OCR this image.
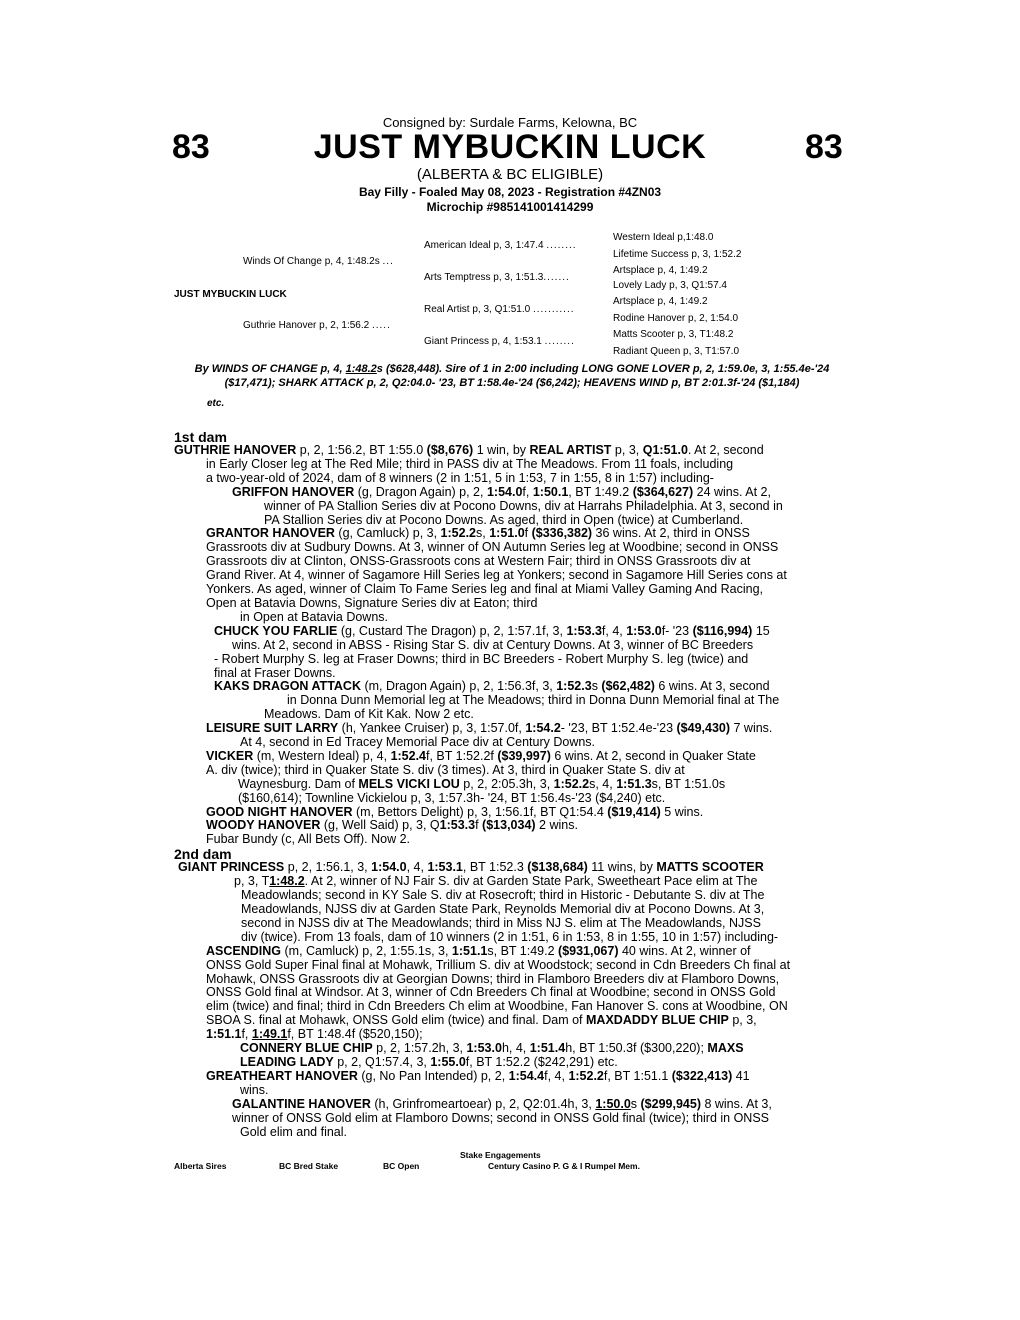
Consigned by: Surdale Farms, Kelowna, BC
83	JUST MYBUCKIN LUCK	83
(ALBERTA & BC ELIGIBLE)
Bay Filly - Foaled May 08, 2023 - Registration #4ZN03
Microchip #985141001414299
JUST MYBUCKIN LUCK
Winds Of Change p, 4, 1:48.2s ...
Guthrie Hanover p, 2, 1:56.2 .....
American Ideal p, 3, 1:47.4 ........
Arts Temptress p, 3, 1:51.3.......
Real Artist p, 3, Q1:51.0 ...........
Giant Princess p, 4, 1:53.1 ........
Western Ideal p,1:48.0
Lifetime Success p, 3, 1:52.2
Artsplace p, 4, 1:49.2
Lovely Lady p, 3, Q1:57.4
Artsplace p, 4, 1:49.2
Rodine Hanover p, 2, 1:54.0
Matts Scooter p, 3, T1:48.2
Radiant Queen p, 3, T1:57.0
By WINDS OF CHANGE p, 4, 1:48.2s ($628,448). Sire of 1 in 2:00 including LONG GONE LOVER p, 2, 1:59.0e, 3, 1:55.4e-'24 ($17,471); SHARK ATTACK p, 2, Q2:04.0- '23, BT 1:58.4e-'24 ($6,242); HEAVENS WIND p, BT 2:01.3f-'24 ($1,184)
etc.
1st dam
GUTHRIE HANOVER p, 2, 1:56.2, BT 1:55.0 ($8,676) 1 win, by REAL ARTIST p, 3, Q1:51.0. At 2, second
in Early Closer leg at The Red Mile; third in PASS div at The Meadows. From 11 foals, including
a two-year-old of 2024, dam of 8 winners (2 in 1:51, 5 in 1:53, 7 in 1:55, 8 in 1:57) including-
GRIFFON HANOVER (g, Dragon Again) p, 2, 1:54.0f, 1:50.1, BT 1:49.2 ($364,627) 24 wins. At 2,
winner of PA Stallion Series div at Pocono Downs, div at Harrahs Philadelphia. At 3, second in
PA Stallion Series div at Pocono Downs. As aged, third in Open (twice) at Cumberland.
GRANTOR HANOVER (g, Camluck) p, 3, 1:52.2s, 1:51.0f ($336,382) 36 wins. At 2, third in ONSS
Grassroots div at Sudbury Downs. At 3, winner of ON Autumn Series leg at Woodbine; second in ONSS
Grassroots div at Clinton, ONSS-Grassroots cons at Western Fair; third in ONSS Grassroots div at
Grand River. At 4, winner of Sagamore Hill Series leg at Yonkers; second in Sagamore Hill Series cons at
Yonkers. As aged, winner of Claim To Fame Series leg and final at Miami Valley Gaming And Racing,
Open at Batavia Downs, Signature Series div at Eaton; third
in Open at Batavia Downs.
CHUCK YOU FARLIE (g, Custard The Dragon) p, 2, 1:57.1f, 3, 1:53.3f, 4, 1:53.0f- '23 ($116,994) 15
wins. At 2, second in ABSS - Rising Star S. div at Century Downs. At 3, winner of BC Breeders
- Robert Murphy S. leg at Fraser Downs; third in BC Breeders - Robert Murphy S. leg (twice) and
final at Fraser Downs.
KAKS DRAGON ATTACK (m, Dragon Again) p, 2, 1:56.3f, 3, 1:52.3s ($62,482) 6 wins. At 3, second
in Donna Dunn Memorial leg at The Meadows; third in Donna Dunn Memorial final at The
Meadows. Dam of Kit Kak. Now 2 etc.
LEISURE SUIT LARRY (h, Yankee Cruiser) p, 3, 1:57.0f, 1:54.2- '23, BT 1:52.4e-'23 ($49,430) 7 wins.
At 4, second in Ed Tracey Memorial Pace div at Century Downs.
VICKER (m, Western Ideal) p, 4, 1:52.4f, BT 1:52.2f ($39,997) 6 wins. At 2, second in Quaker State
A. div (twice); third in Quaker State S. div (3 times). At 3, third in Quaker State S. div at
Waynesburg. Dam of MELS VICKI LOU p, 2, 2:05.3h, 3, 1:52.2s, 4, 1:51.3s, BT 1:51.0s
($160,614); Townline Vickielou p, 3, 1:57.3h- '24, BT 1:56.4s-'23 ($4,240) etc.
GOOD NIGHT HANOVER (m, Bettors Delight) p, 3, 1:56.1f, BT Q1:54.4 ($19,414) 5 wins.
WOODY HANOVER (g, Well Said) p, 3, Q1:53.3f ($13,034) 2 wins.
Fubar Bundy (c, All Bets Off). Now 2.
2nd dam
GIANT PRINCESS p, 2, 1:56.1, 3, 1:54.0, 4, 1:53.1, BT 1:52.3 ($138,684) 11 wins, by MATTS SCOOTER
p, 3, T1:48.2. At 2, winner of NJ Fair S. div at Garden State Park, Sweetheart Pace elim at The
Meadowlands; second in KY Sale S. div at Rosecroft; third in Historic - Debutante S. div at The
Meadowlands, NJSS div at Garden State Park, Reynolds Memorial div at Pocono Downs. At 3,
second in NJSS div at The Meadowlands; third in Miss NJ S. elim at The Meadowlands, NJSS
div (twice). From 13 foals, dam of 10 winners (2 in 1:51, 6 in 1:53, 8 in 1:55, 10 in 1:57) including-
ASCENDING (m, Camluck) p, 2, 1:55.1s, 3, 1:51.1s, BT 1:49.2 ($931,067) 40 wins. At 2, winner of
ONSS Gold Super Final final at Mohawk, Trillium S. div at Woodstock; second in Cdn Breeders Ch final at
Mohawk, ONSS Grassroots div at Georgian Downs; third in Flamboro Breeders div at Flamboro Downs,
ONSS Gold final at Windsor. At 3, winner of Cdn Breeders Ch final at Woodbine; second in ONSS Gold
elim (twice) and final; third in Cdn Breeders Ch elim at Woodbine, Fan Hanover S. cons at Woodbine, ON
SBOA S. final at Mohawk, ONSS Gold elim (twice) and final. Dam of MAXDADDY BLUE CHIP p, 3,
1:51.1f, 1:49.1f, BT 1:48.4f ($520,150);
CONNERY BLUE CHIP p, 2, 1:57.2h, 3, 1:53.0h, 4, 1:51.4h, BT 1:50.3f ($300,220); MAXS
LEADING LADY p, 2, Q1:57.4, 3, 1:55.0f, BT 1:52.2 ($242,291) etc.
GREATHEART HANOVER (g, No Pan Intended) p, 2, 1:54.4f, 4, 1:52.2f, BT 1:51.1 ($322,413) 41
wins.
GALANTINE HANOVER (h, Grinfromeartoear) p, 2, Q2:01.4h, 3, 1:50.0s ($299,945) 8 wins. At 3,
winner of ONSS Gold elim at Flamboro Downs; second in ONSS Gold final (twice); third in ONSS
Gold elim and final.
Stake Engagements
Alberta Sires	BC Bred Stake	BC Open	Century Casino P. G & I Rumpel Mem.
